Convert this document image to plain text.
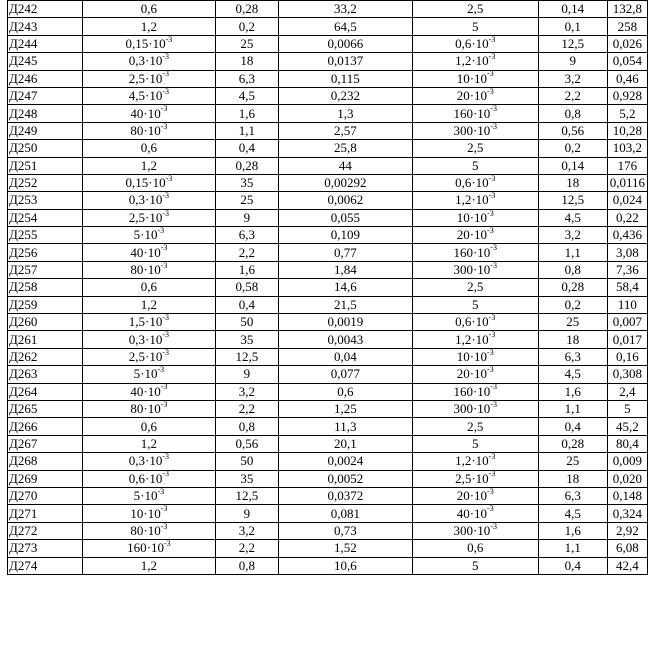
Д242	0,6	0,28	33,2	2,5	0,14	132,8
Д243	1,2	0,2	64,5	5	0,1	258
Д244	$0,15\cdot 10^{-3}$	25	0,0066	$0,6\cdot 10^{-3}$	12,5	0,026
Д245	$0,3\cdot 10^{-3}$	18	0,0137	$1,2\cdot 10^{-3}$	9	0,054
Д246	$2,5\cdot 10^{-3}$	6,3	0,115	$10\cdot 10^{-3}$	3,2	0,46
Д247	$4,5\cdot 10^{-3}$	4,5	0,232	$20\cdot 10^{-3}$	2,2	0,928
Д248	$40\cdot 10^{-3}$	1,6	1,3	$160\cdot 10^{-3}$	0,8	5,2
Д249	$80\cdot 10^{-3}$	1,1	2,57	$300\cdot 10^{-3}$	0,56	10,28
Д250	0,6	0,4	25,8	2,5	0,2	103,2
Д251	1,2	0,28	44	5	0,14	176
Д252	$0,15\cdot 10^{-3}$	35	0,00292	$0,6\cdot 10^{-3}$	18	0,0116
Д253	$0,3\cdot 10^{-3}$	25	0,0062	$1,2\cdot 10^{-3}$	12,5	0,024
Д254	$2,5\cdot 10^{-3}$	9	0,055	$10\cdot 10^{-3}$	4,5	0,22
Д255	$5\cdot 10^{-3}$	6,3	0,109	$20\cdot 10^{-3}$	3,2	0,436
Д256	$40\cdot 10^{-3}$	2,2	0,77	$160\cdot 10^{-3}$	1,1	3,08
Д257	$80\cdot 10^{-3}$	1,6	1,84	$300\cdot 10^{-3}$	0,8	7,36
Д258	0,6	0,58	14,6	2,5	0,28	58,4
Д259	1,2	0,4	21,5	5	0,2	110
Д260	$1,5\cdot 10^{-3}$	50	0,0019	$0,6\cdot 10^{-3}$	25	0,007
Д261	$0,3\cdot 10^{-3}$	35	0,0043	$1,2\cdot 10^{-3}$	18	0,017
Д262	$2,5\cdot 10^{-3}$	12,5	0,04	$10\cdot 10^{-3}$	6,3	0,16
Д263	$5\cdot 10^{-3}$	9	0,077	$20\cdot 10^{-3}$	4,5	0,308
Д264	$40\cdot 10^{-3}$	3,2	0,6	$160\cdot 10^{-3}$	1,6	2,4
Д265	$80\cdot 10^{-3}$	2,2	1,25	$300\cdot 10^{-3}$	1,1	5
Д266	0,6	0,8	11,3	2,5	0,4	45,2
Д267	1,2	0,56	20,1	5	0,28	80,4
Д268	$0,3\cdot 10^{-3}$	50	0,0024	$1,2\cdot 10^{-3}$	25	0,009
Д269	$0,6\cdot 10^{-3}$	35	0,0052	$2,5\cdot 10^{-3}$	18	0,020
Д270	$5\cdot 10^{-3}$	12,5	0,0372	$20\cdot 10^{-3}$	6,3	0,148
Д271	$10\cdot 10^{-3}$	9	0,081	$40\cdot 10^{-3}$	4,5	0,324
Д272	$80\cdot 10^{-3}$	3,2	0,73	$300\cdot 10^{-3}$	1,6	2,92
Д273	$160\cdot 10^{-3}$	2,2	1,52	0,6	1,1	6,08
Д274	1,2	0,8	10,6	5	0,4	42,4
